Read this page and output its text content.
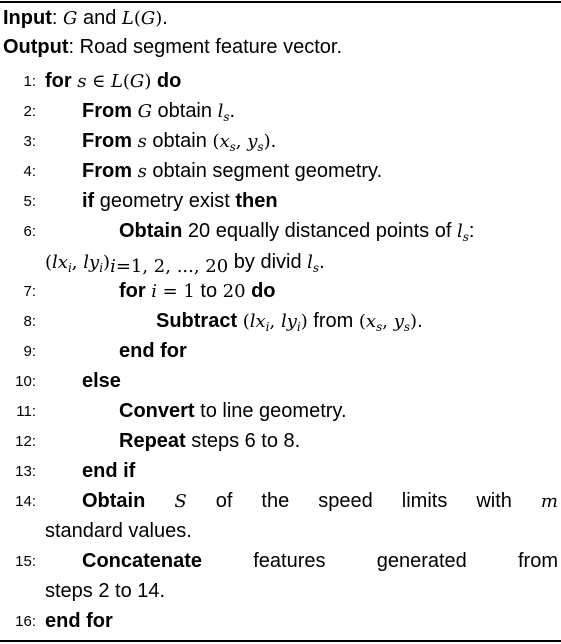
Input: G and L(G).
Output: Road segment feature vector.
1:
2:
3:
4:
5:
6:
7:
8:
9:
10:
11:
12:
13:
14:
15:
16:
for s ∈ L(G) do
From G obtain $l_s$.
From s obtain ($x_s$, $y_s$).
From s obtain segment geometry.
if geometry exist then
Obtain 20 equally distanced points of $l_s$:
($lx_i$, $ly_i)_{i=1, 2, ..., 20}$ by divid $l_s$.
for i = 1 to 20 do
Subtract ($lx_i$, $ly_i$) from ($x_s$, $y_s$).
end for
else
Convert to line geometry.
Repeat steps 6 to 8.
end if
Obtain S of the speed limits with m
standard values.
Concatenate features generated from
steps 2 to 14.
end for
